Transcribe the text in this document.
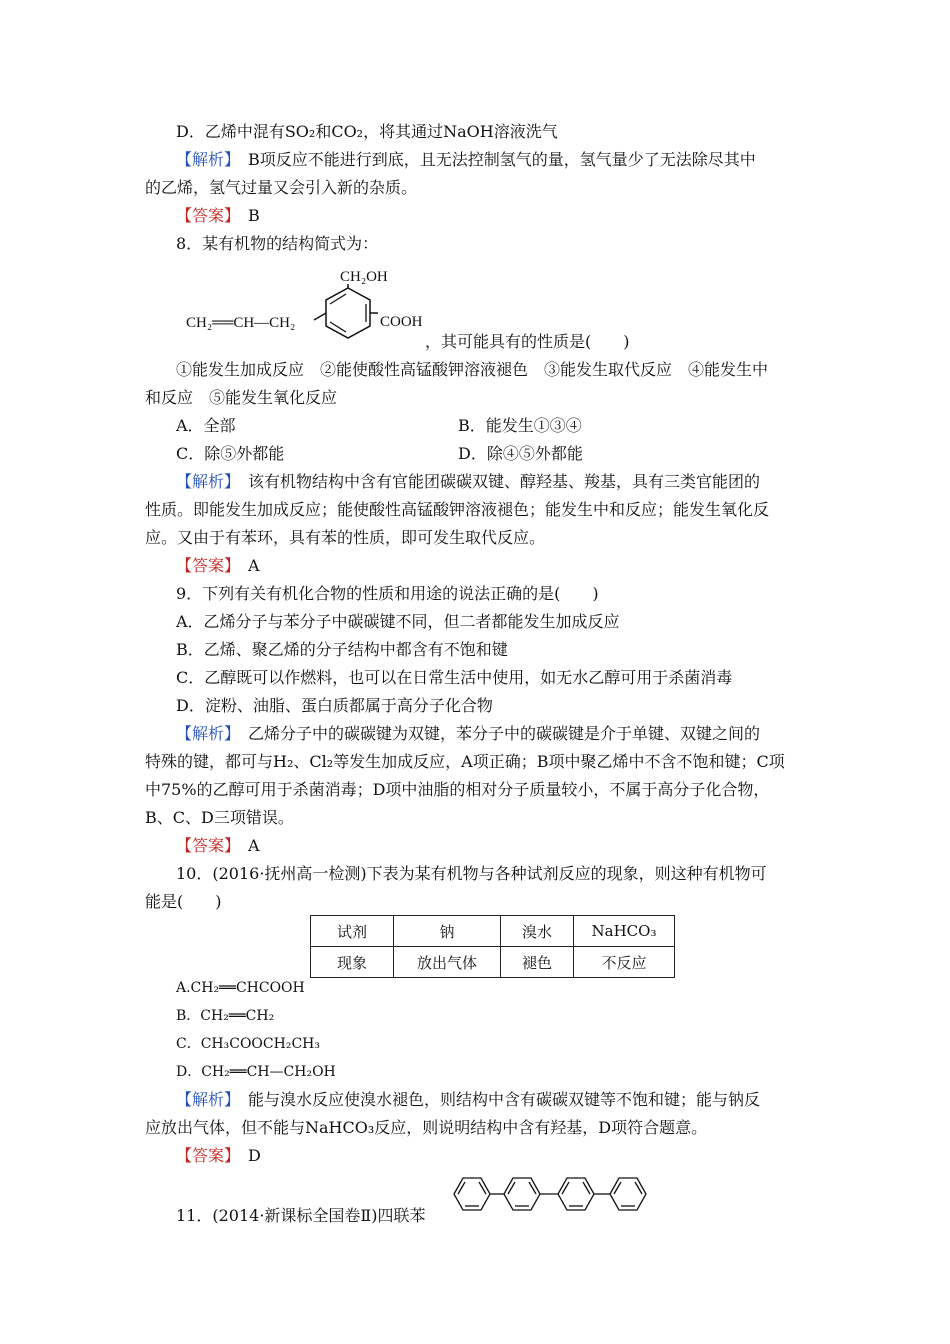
D．乙烯中混有SO₂和CO₂，将其通过NaOH溶液洗气
【解析】　B项反应不能进行到底，且无法控制氢气的量，氢气量少了无法除尽其中
的乙烯，氢气过量又会引入新的杂质。
【答案】　B
8．某有机物的结构简式为：
CH₂OH
CH₂══CH—CH₂	COOH
，其可能具有的性质是(　　)
①能发生加成反应　②能使酸性高锰酸钾溶液褪色　③能发生取代反应　④能发生中
和反应　⑤能发生氧化反应
A．全部	B．能发生①③④
C．除⑤外都能	D．除④⑤外都能
【解析】　该有机物结构中含有官能团碳碳双键、醇羟基、羧基，具有三类官能团的
性质。即能发生加成反应；能使酸性高锰酸钾溶液褪色；能发生中和反应；能发生氧化反
应。又由于有苯环，具有苯的性质，即可发生取代反应。
【答案】　A
9．下列有关有机化合物的性质和用途的说法正确的是(　　)
A．乙烯分子与苯分子中碳碳键不同，但二者都能发生加成反应
B．乙烯、聚乙烯的分子结构中都含有不饱和键
C．乙醇既可以作燃料，也可以在日常生活中使用，如无水乙醇可用于杀菌消毒
D．淀粉、油脂、蛋白质都属于高分子化合物
【解析】　乙烯分子中的碳碳键为双键，苯分子中的碳碳键是介于单键、双键之间的
特殊的键，都可与H₂、Cl₂等发生加成反应，A项正确；B项中聚乙烯中不含不饱和键；C项
中75%的乙醇可用于杀菌消毒；D项中油脂的相对分子质量较小，不属于高分子化合物，
B、C、D三项错误。
【答案】　A
10．(2016·抚州高一检测)下表为某有机物与各种试剂反应的现象，则这种有机物可
能是(　　)
试剂	钠	溴水	NaHCO₃
现象	放出气体	褪色	不反应
A.CH₂══CHCOOH
B．CH₂══CH₂
C．CH₃COOCH₂CH₃
D．CH₂══CH—CH₂OH
【解析】　能与溴水反应使溴水褪色，则结构中含有碳碳双键等不饱和键；能与钠反
应放出气体，但不能与NaHCO₃反应，则说明结构中含有羟基，D项符合题意。
【答案】　D
11．(2014·新课标全国卷Ⅱ)四联苯
